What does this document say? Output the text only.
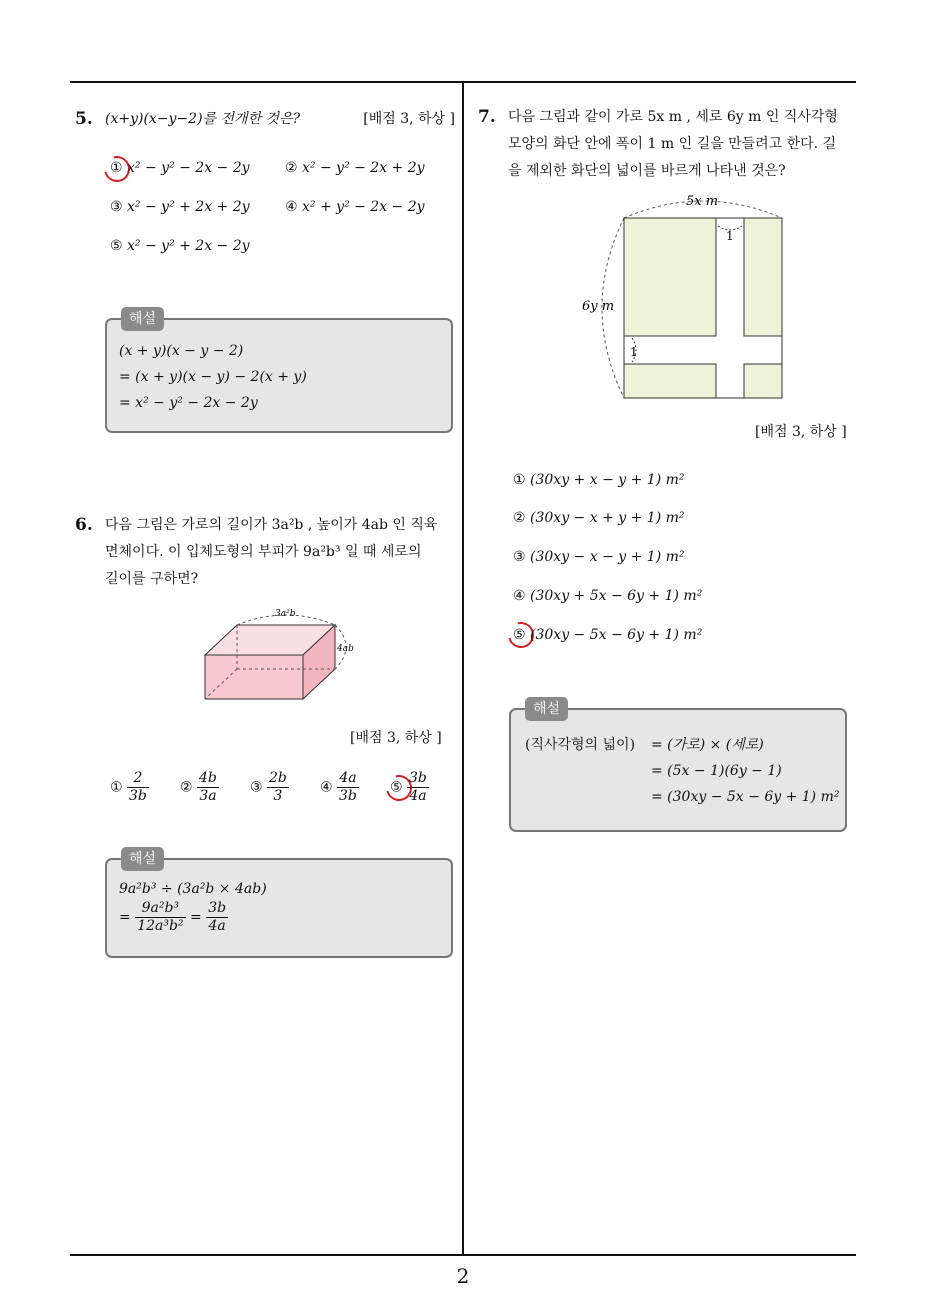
5. (x+y)(x−y−2)를 전개한 것은?	[배점 3, 하상 ]
① x² − y² − 2x − 2y	② x² − y² − 2x + 2y
③ x² − y² + 2x + 2y	④ x² + y² − 2x − 2y
⑤ x² − y² + 2x − 2y
해설
(x + y)(x − y − 2)
= (x + y)(x − y) − 2(x + y)
= x² − y² − 2x − 2y
6. 다음 그림은 가로의 길이가 3a²b , 높이가 4ab 인 직육
면체이다. 이 입체도형의 부피가 9a²b³ 일 때 세로의
길이를 구하면?
3a²b
4ab
[배점 3, 하상 ]
① $\frac{2}{3b}$ ② $\frac{4b}{3a}$ ③ $\frac{2b}{3}$ ④ $\frac{4a}{3b}$ ⑤ $\frac{3b}{4a}$
해설
9a²b³ ÷ (3a²b × 4ab)
= $\frac{\text{9a²b³}}{\text{12a³b²}} = \frac{3b}{4a}$
7. 다음 그림과 같이 가로 5x m , 세로 6y m 인 직사각형
모양의 화단 안에 폭이 1 m 인 길을 만들려고 한다. 길
을 제외한 화단의 넓이를 바르게 나타낸 것은?
5x m
6y m
1
1
[배점 3, 하상 ]
① (30xy + x − y + 1) m²
② (30xy − x + y + 1) m²
③ (30xy − x − y + 1) m²
④ (30xy + 5x − 6y + 1) m²
⑤ (30xy − 5x − 6y + 1) m²
해설
(직사각형의 넓이) = (가로) × (세로)
= (5x − 1)(6y − 1)
= (30xy − 5x − 6y + 1) m²
2
